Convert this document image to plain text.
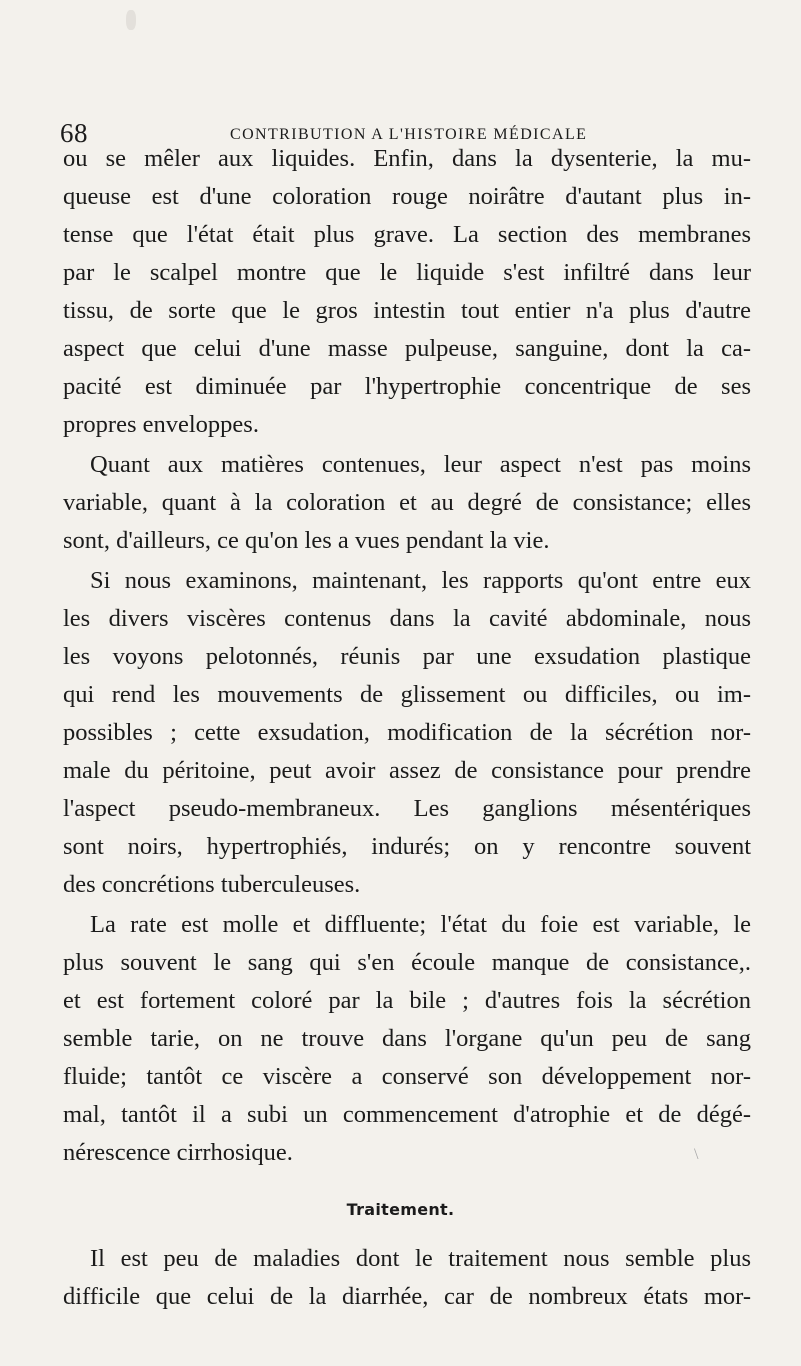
68	CONTRIBUTION A L'HISTOIRE MÉDICALE
ou se mêler aux liquides. Enfin, dans la dysenterie, la mu-
queuse est d'une coloration rouge noirâtre d'autant plus in-
tense que l'état était plus grave. La section des membranes
par le scalpel montre que le liquide s'est infiltré dans leur
tissu, de sorte que le gros intestin tout entier n'a plus d'autre
aspect que celui d'une masse pulpeuse, sanguine, dont la ca-
pacité est diminuée par l'hypertrophie concentrique de ses
propres enveloppes.
Quant aux matières contenues, leur aspect n'est pas moins
variable, quant à la coloration et au degré de consistance; elles
sont, d'ailleurs, ce qu'on les a vues pendant la vie.
Si nous examinons, maintenant, les rapports qu'ont entre eux
les divers viscères contenus dans la cavité abdominale, nous
les voyons pelotonnés, réunis par une exsudation plastique
qui rend les mouvements de glissement ou difficiles, ou im-
possibles ; cette exsudation, modification de la sécrétion nor-
male du péritoine, peut avoir assez de consistance pour prendre
l'aspect pseudo-membraneux. Les ganglions mésentériques
sont noirs, hypertrophiés, indurés; on y rencontre souvent
des concrétions tuberculeuses.
La rate est molle et diffluente; l'état du foie est variable, le
plus souvent le sang qui s'en écoule manque de consistance,.
et est fortement coloré par la bile ; d'autres fois la sécrétion
semble tarie, on ne trouve dans l'organe qu'un peu de sang
fluide; tantôt ce viscère a conservé son développement nor-
mal, tantôt il a subi un commencement d'atrophie et de dégé-
nérescence cirrhosique.	\
Traitement.
Il est peu de maladies dont le traitement nous semble plus
difficile que celui de la diarrhée, car de nombreux états mor-
